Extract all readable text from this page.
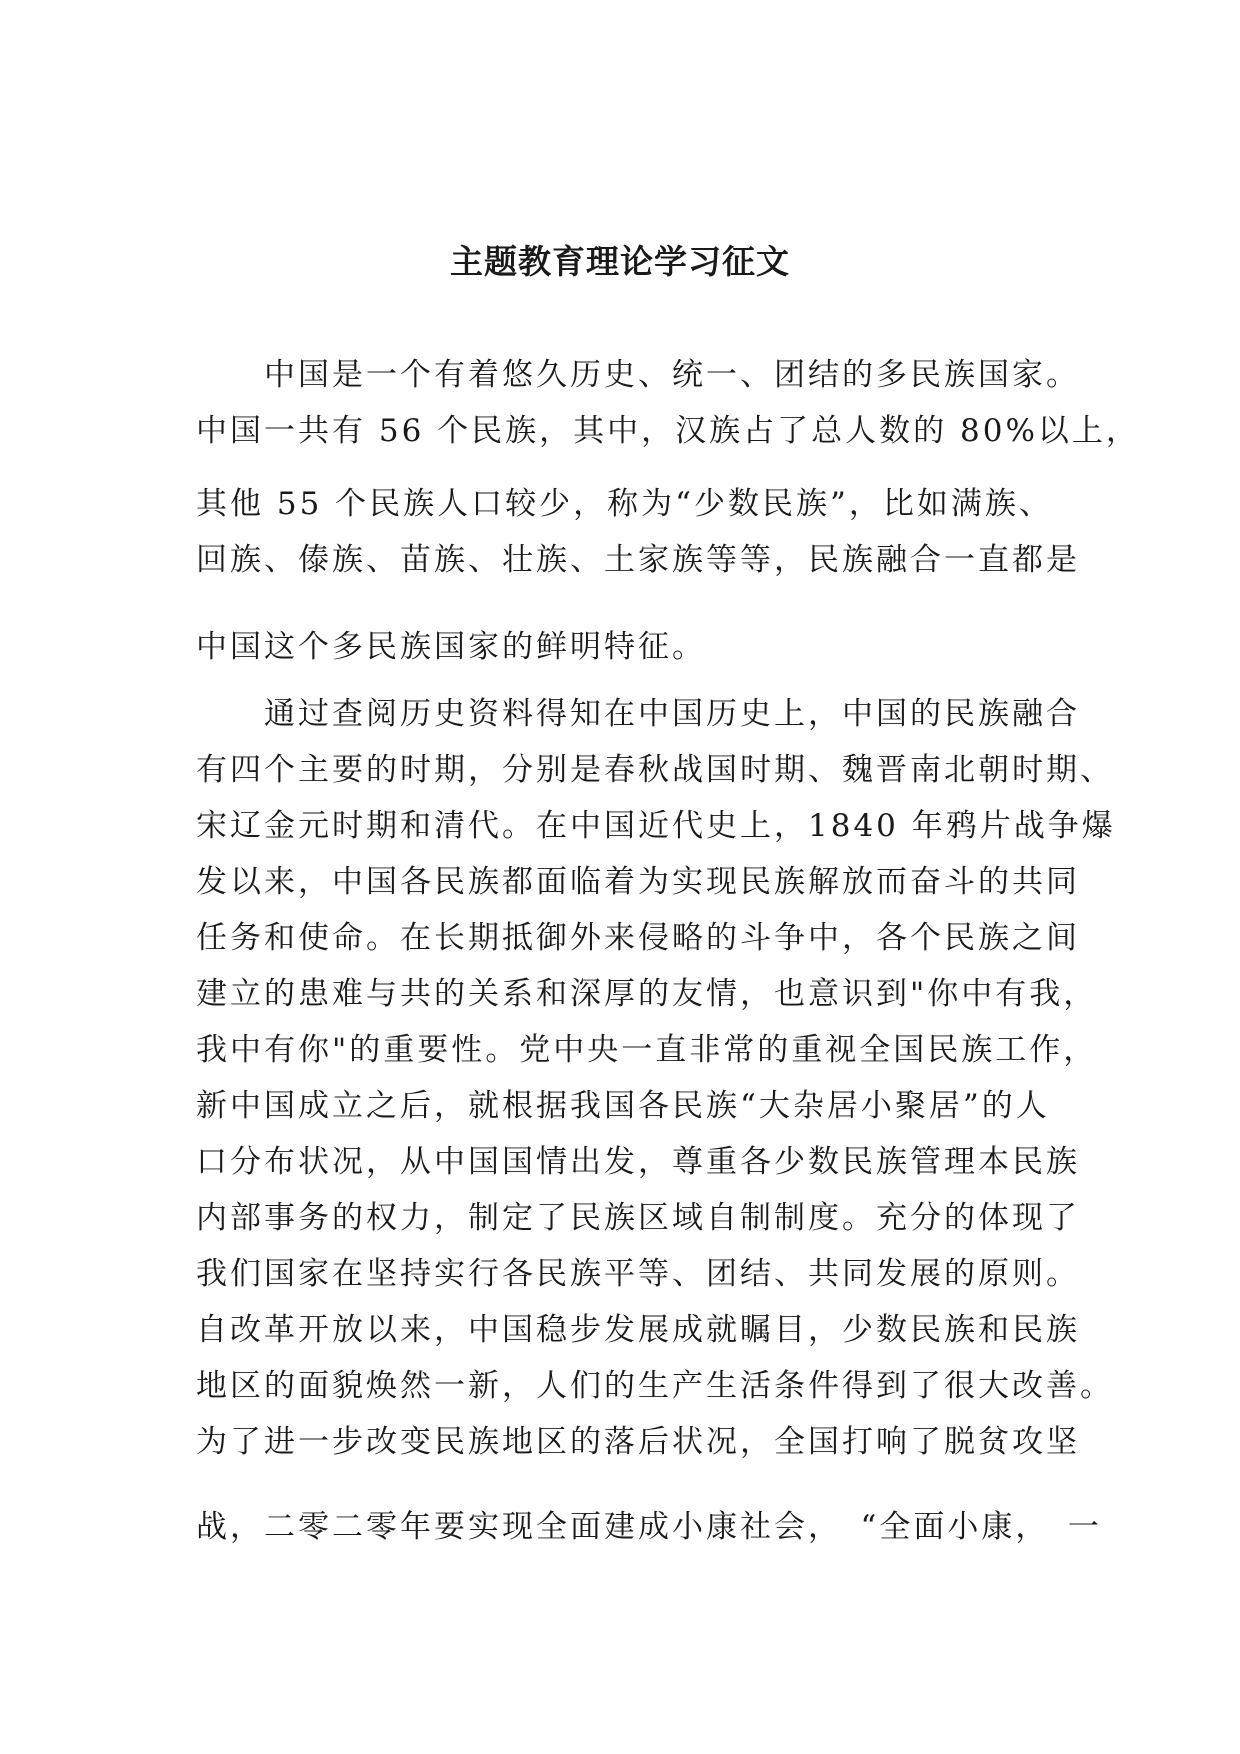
主题教育理论学习征文

　　中国是一个有着悠久历史、统一、团结的多民族国家。

中国一共有 56 个民族，其中，汉族占了总人数的 80%以上，

其他 55 个民族人口较少，称为“少数民族”，比如满族、

回族、傣族、苗族、壮族、土家族等等，民族融合一直都是

中国这个多民族国家的鲜明特征。

　　通过查阅历史资料得知在中国历史上，中国的民族融合

有四个主要的时期，分别是春秋战国时期、魏晋南北朝时期、

宋辽金元时期和清代。在中国近代史上，1840 年鸦片战争爆

发以来，中国各民族都面临着为实现民族解放而奋斗的共同

任务和使命。在长期抵御外来侵略的斗争中，各个民族之间

建立的患难与共的关系和深厚的友情，也意识到"你中有我，

我中有你"的重要性。党中央一直非常的重视全国民族工作，

新中国成立之后，就根据我国各民族“大杂居小聚居”的人

口分布状况，从中国国情出发，尊重各少数民族管理本民族

内部事务的权力，制定了民族区域自制制度。充分的体现了

我们国家在坚持实行各民族平等、团结、共同发展的原则。

自改革开放以来，中国稳步发展成就瞩目，少数民族和民族

地区的面貌焕然一新，人们的生产生活条件得到了很大改善。

为了进一步改变民族地区的落后状况，全国打响了脱贫攻坚

战，二零二零年要实现全面建成小康社会，　“全面小康，　一
